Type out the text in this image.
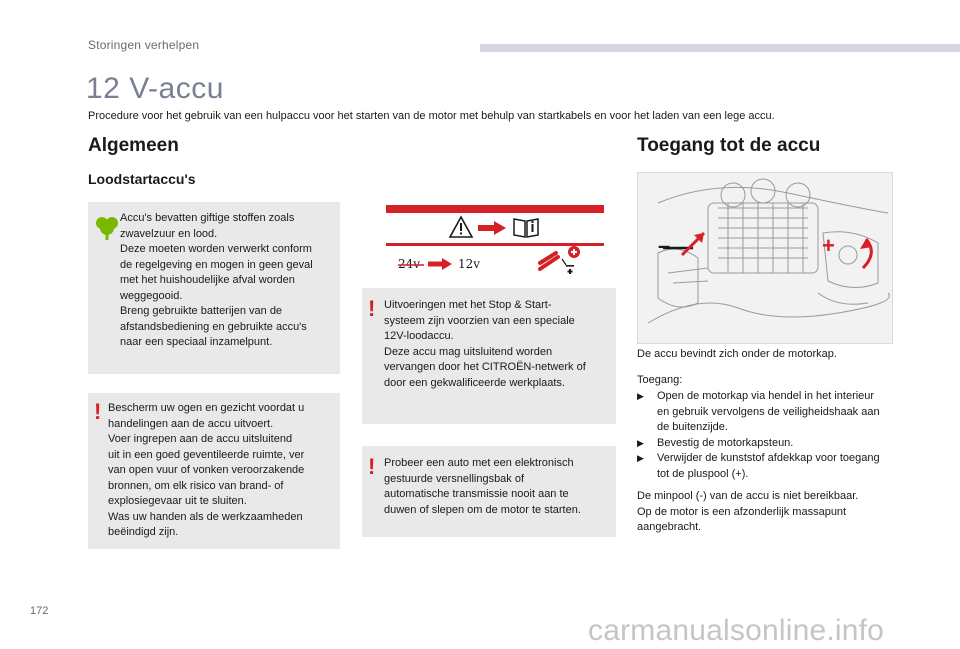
Storingen verhelpen
12 V-accu
Procedure voor het gebruik van een hulpaccu voor het starten van de motor met behulp van startkabels en voor het laden van een lege accu.
Algemeen
Loodstartaccu's
Accu's bevatten giftige stoffen zoals
zwavelzuur en lood.
Deze moeten worden verwerkt conform
de regelgeving en mogen in geen geval
met het huishoudelijke afval worden
weggegooid.
Breng gebruikte batterijen van de
afstandsbediening en gebruikte accu's
naar een speciaal inzamelpunt.
! Bescherm uw ogen en gezicht voordat u
handelingen aan de accu uitvoert.
Voer ingrepen aan de accu uitsluitend
uit in een goed geventileerde ruimte, ver
van open vuur of vonken veroorzakende
bronnen, om elk risico van brand- of
explosiegevaar uit te sluiten.
Was uw handen als de werkzaamheden
beëindigd zijn.
24v	12v
! Uitvoeringen met het Stop & Start-
systeem zijn voorzien van een speciale
12V-loodaccu.
Deze accu mag uitsluitend worden
vervangen door het CITROËN-netwerk of
door een gekwalificeerde werkplaats.
! Probeer een auto met een elektronisch
gestuurde versnellingsbak of
automatische transmissie nooit aan te
duwen of slepen om de motor te starten.
Toegang tot de accu
–	+
De accu bevindt zich onder de motorkap.
Toegang:
▶ Open de motorkap via hendel in het interieur en gebruik vervolgens de veiligheidshaak aan de buitenzijde.
▶ Bevestig de motorkapsteun.
▶ Verwijder de kunststof afdekkap voor toegang tot de pluspool (+).
De minpool (-) van de accu is niet bereikbaar.
Op de motor is een afzonderlijk massapunt
aangebracht.
172
carmanualsonline.info
